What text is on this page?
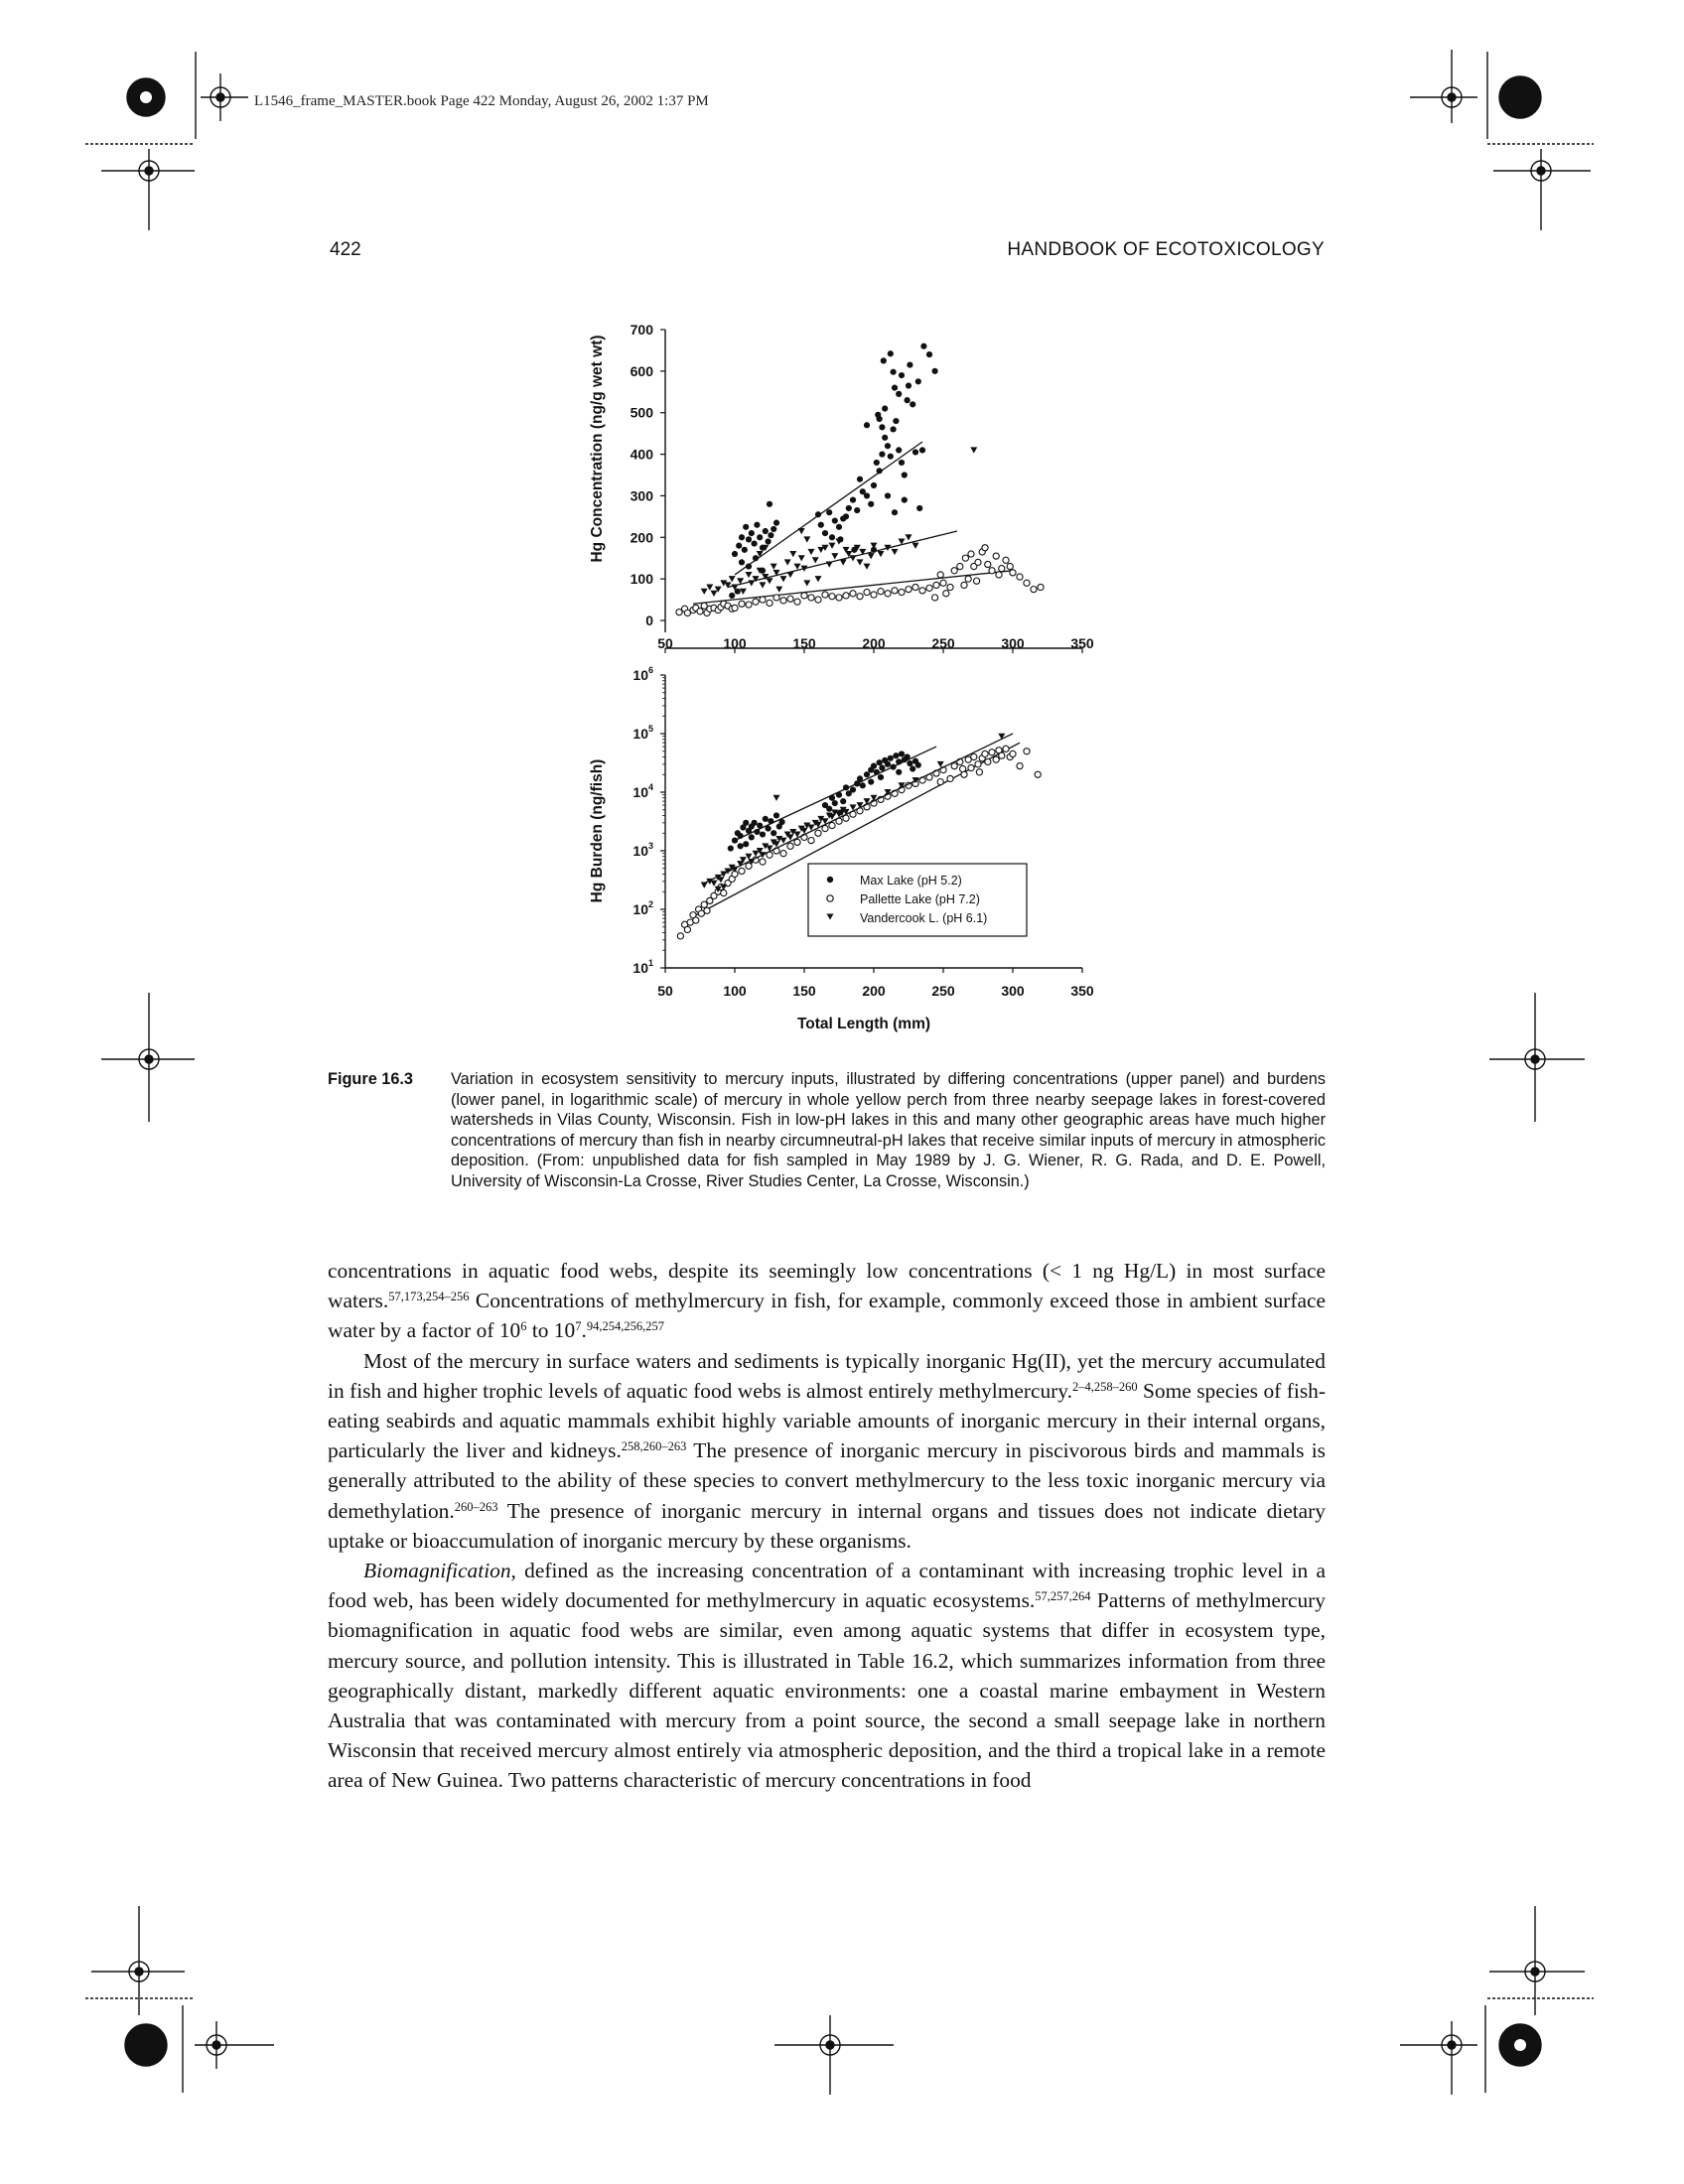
L1546_frame_MASTER.book Page 422 Monday, August 26, 2002 1:37 PM
422	HANDBOOK OF ECOTOXICOLOGY
50	100	150	200	250	300	350
0
100
200
300
400
500
600
700
50	100	150	200	250	300	350
$10^1$
$10^2$
$10^3$
$10^4$
$10^5$
$10^6$
Hg Concentration (ng/g wet wt)
Hg Burden (ng/fish)
Total Length (mm)
Max Lake (pH 5.2)
Pallette Lake (pH 7.2)
Vandercook L. (pH 6.1)
Figure 16.3	Variation in ecosystem sensitivity to mercury inputs, illustrated by differing concentrations (upper panel) and burdens (lower panel, in logarithmic scale) of mercury in whole yellow perch from three nearby seepage lakes in forest-covered watersheds in Vilas County, Wisconsin. Fish in low-pH lakes in this and many other geographic areas have much higher concentrations of mercury than fish in nearby circumneutral-pH lakes that receive similar inputs of mercury in atmospheric deposition. (From: unpublished data for fish sampled in May 1989 by J. G. Wiener, R. G. Rada, and D. E. Powell, University of Wisconsin-La Crosse, River Studies Center, La Crosse, Wisconsin.)

concentrations in aquatic food webs, despite its seemingly low concentrations (< 1 ng Hg/L) in most surface waters.$^{57,173,254-256}$ Concentrations of methylmercury in fish, for example, commonly exceed those in ambient surface water by a factor of $10^6$ to $10^7.^{94,254,256,257}$

Most of the mercury in surface waters and sediments is typically inorganic Hg(II), yet the mercury accumulated in fish and higher trophic levels of aquatic food webs is almost entirely methylmercury.$^{2-4,258-260}$ Some species of fish-eating seabirds and aquatic mammals exhibit highly variable amounts of inorganic mercury in their internal organs, particularly the liver and kidneys.$^{258,260-263}$ The presence of inorganic mercury in piscivorous birds and mammals is generally attributed to the ability of these species to convert methylmercury to the less toxic inorganic mercury via demethylation.$^{260-263}$ The presence of inorganic mercury in internal organs and tissues does not indicate dietary uptake or bioaccumulation of inorganic mercury by these organisms.

Biomagnification, defined as the increasing concentration of a contaminant with increasing trophic level in a food web, has been widely documented for methylmercury in aquatic ecosystems.$^{57,257,264}$ Patterns of methylmercury biomagnification in aquatic food webs are similar, even among aquatic systems that differ in ecosystem type, mercury source, and pollution intensity. This is illustrated in Table 16.2, which summarizes information from three geographically distant, markedly different aquatic environments: one a coastal marine embayment in Western Australia that was contaminated with mercury from a point source, the second a small seepage lake in northern Wisconsin that received mercury almost entirely via atmospheric deposition, and the third a tropical lake in a remote area of New Guinea. Two patterns characteristic of mercury concentrations in food
